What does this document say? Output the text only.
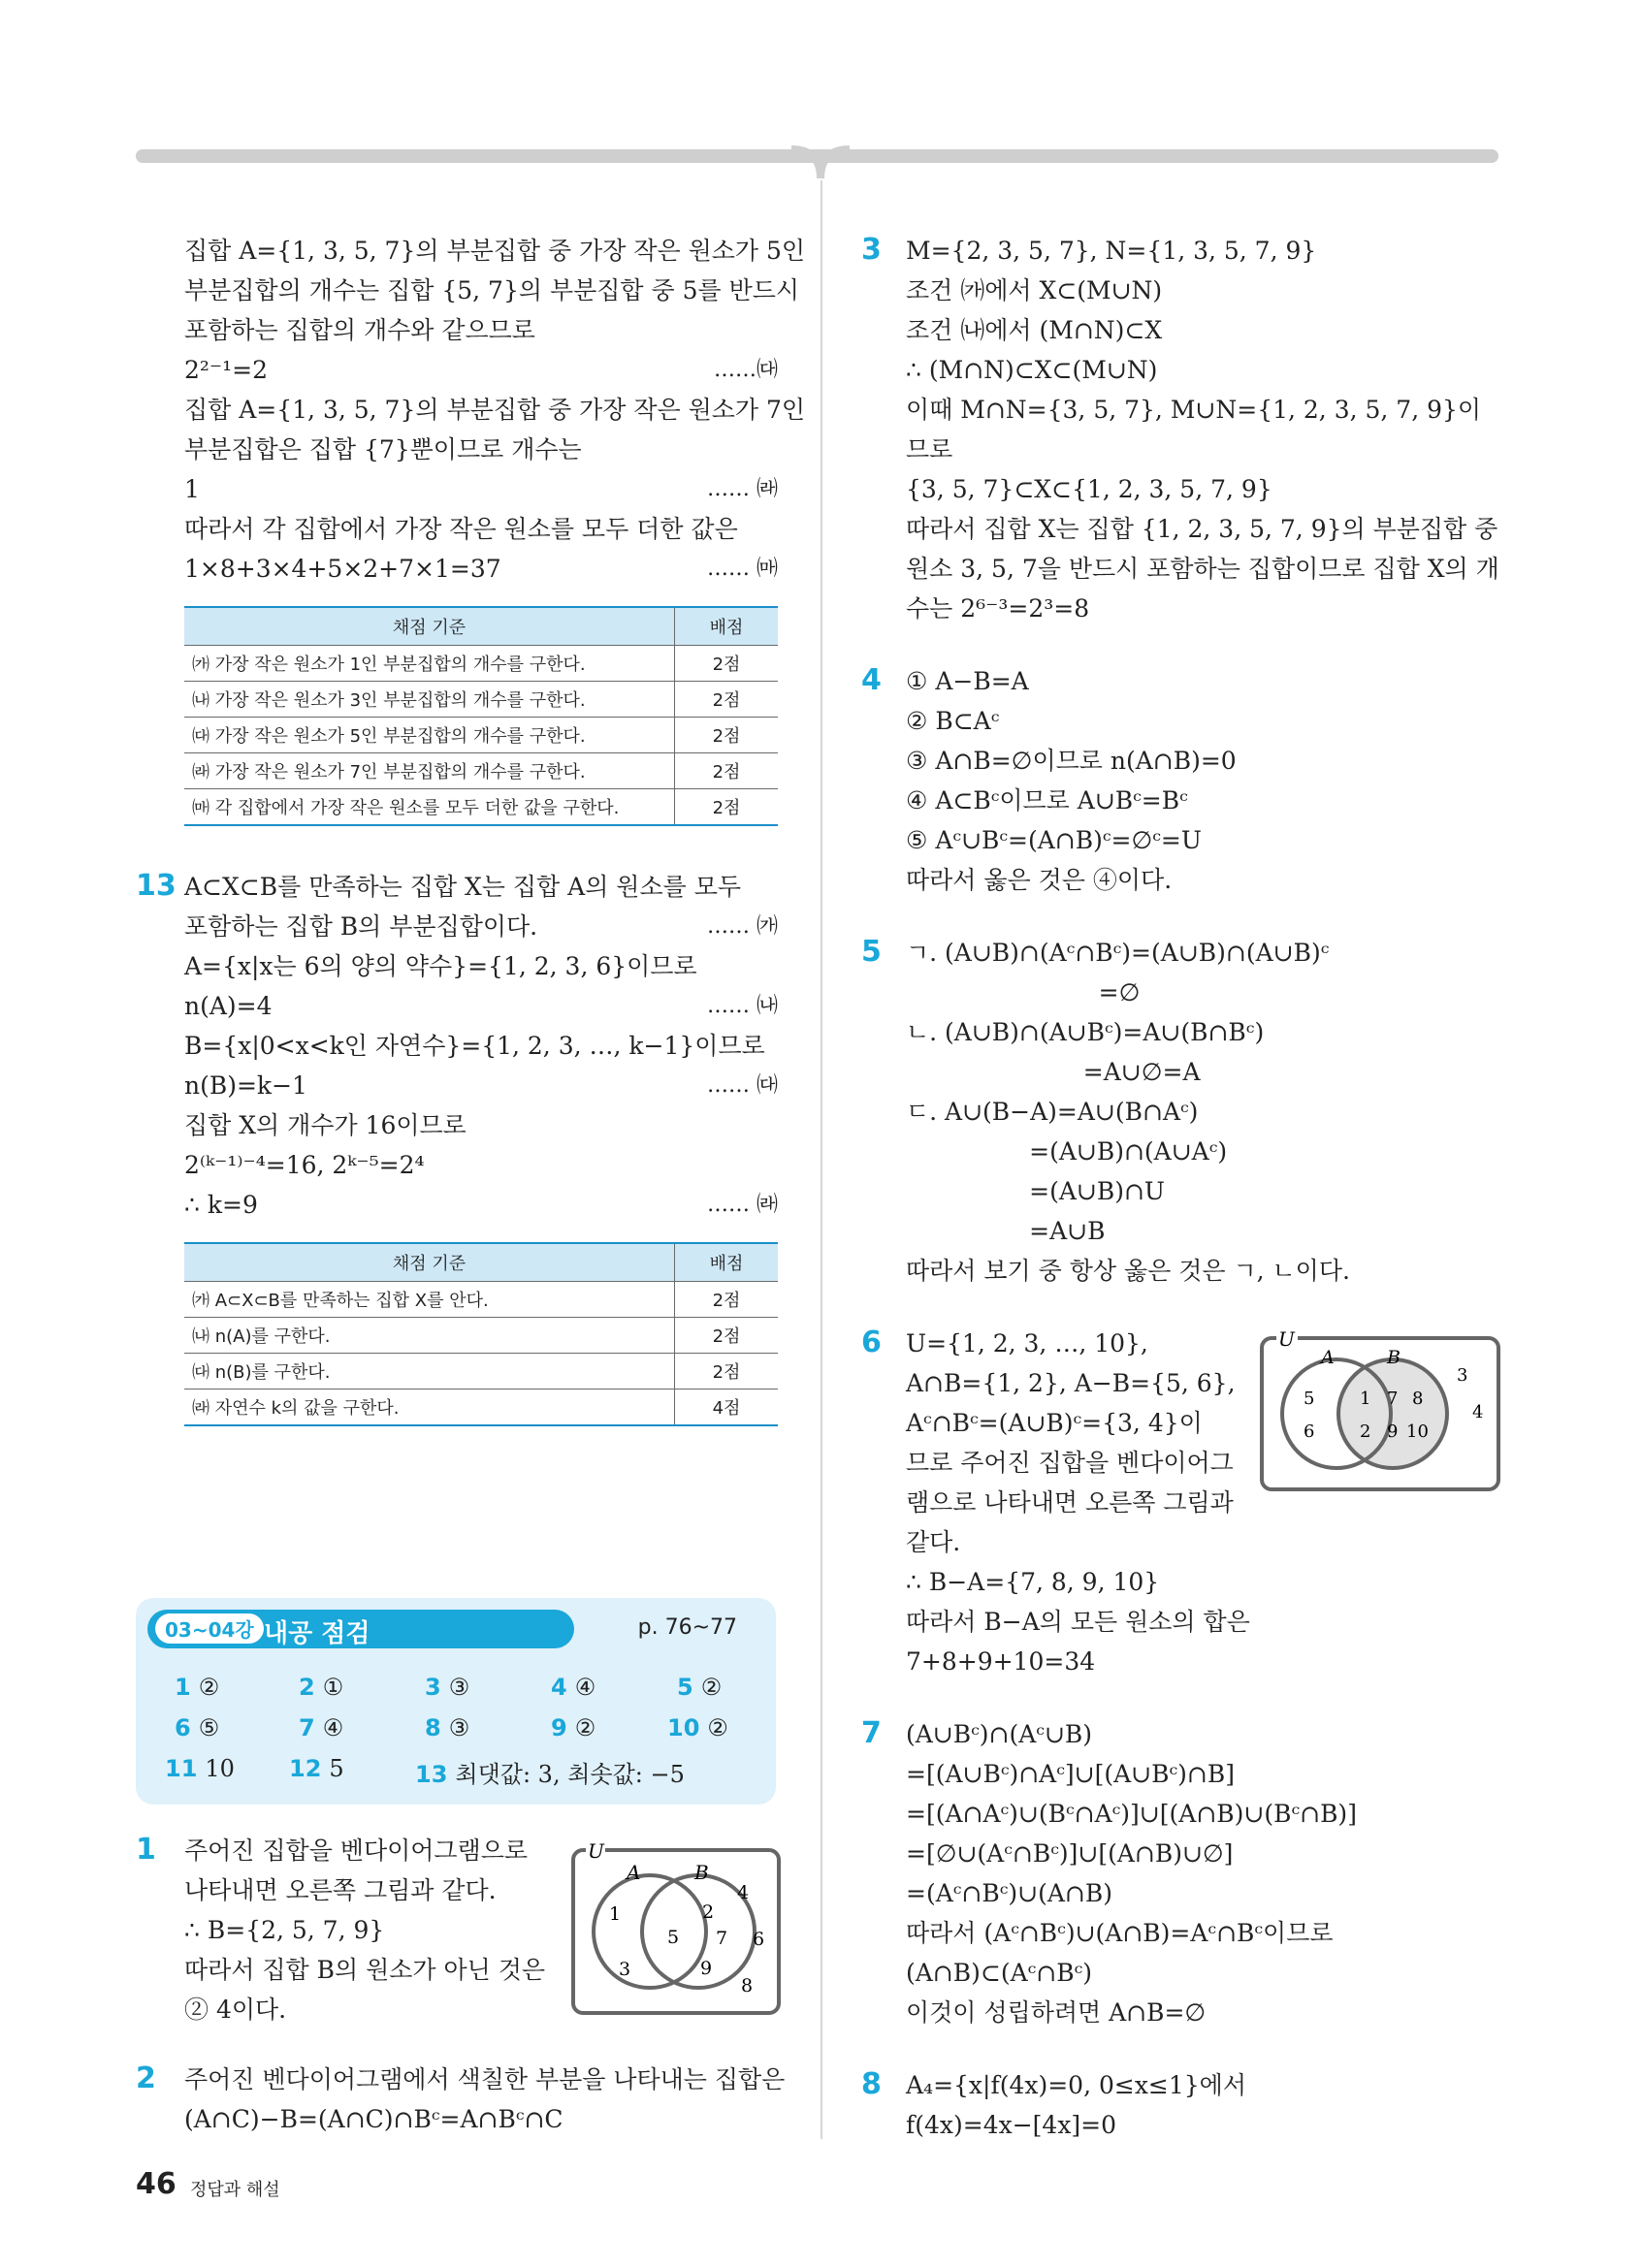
집합 A={1, 3, 5, 7}의 부분집합 중 가장 작은 원소가 5인
부분집합의 개수는 집합 {5, 7}의 부분집합 중 5를 반드시
포함하는 집합의 개수와 같으므로
2²⁻¹=2	……㈐
집합 A={1, 3, 5, 7}의 부분집합 중 가장 작은 원소가 7인
부분집합은 집합 {7}뿐이므로 개수는
1	…… ㈑
따라서 각 집합에서 가장 작은 원소를 모두 더한 값은
1×8+3×4+5×2+7×1=37	…… ㈒
채점 기준	배점
㈎ 가장 작은 원소가 1인 부분집합의 개수를 구한다.	2점
㈏ 가장 작은 원소가 3인 부분집합의 개수를 구한다.	2점
㈐ 가장 작은 원소가 5인 부분집합의 개수를 구한다.	2점
㈑ 가장 작은 원소가 7인 부분집합의 개수를 구한다.	2점
㈒ 각 집합에서 가장 작은 원소를 모두 더한 값을 구한다.	2점
13 A⊂X⊂B를 만족하는 집합 X는 집합 A의 원소를 모두
포함하는 집합 B의 부분집합이다.	…… ㈎
A={x|x는 6의 양의 약수}={1, 2, 3, 6}이므로
n(A)=4	…… ㈏
B={x|0<x<k인 자연수}={1, 2, 3, …, k−1}이므로
n(B)=k−1	…… ㈐
집합 X의 개수가 16이므로
2⁽ᵏ⁻¹⁾⁻⁴=16, 2ᵏ⁻⁵=2⁴
∴ k=9	…… ㈑
채점 기준	배점
㈎ A⊂X⊂B를 만족하는 집합 X를 안다.	2점
㈏ n(A)를 구한다.	2점
㈐ n(B)를 구한다.	2점
㈑ 자연수 k의 값을 구한다.	4점
03~04강 내공 점검	p. 76~77
1 ②	2 ①	3 ③	4 ④	5 ②
6 ⑤	7 ④	8 ③	9 ②	10 ②
11 10 12 5	13 최댓값: 3, 최솟값: −5
1 주어진 집합을 벤다이어그램으로
나타내면 오른쪽 그림과 같다.
∴ B={2, 5, 7, 9}
따라서 집합 B의 원소가 아닌 것은
② 4이다.
U
A	B
1
3
5
2
7
9
4
6
8
2 주어진 벤다이어그램에서 색칠한 부분을 나타내는 집합은
(A∩C)−B=(A∩C)∩Bᶜ=A∩Bᶜ∩C
3 M={2, 3, 5, 7}, N={1, 3, 5, 7, 9}
조건 ㈎에서 X⊂(M∪N)
조건 ㈏에서 (M∩N)⊂X
∴ (M∩N)⊂X⊂(M∪N)
이때 M∩N={3, 5, 7}, M∪N={1, 2, 3, 5, 7, 9}이
므로
{3, 5, 7}⊂X⊂{1, 2, 3, 5, 7, 9}
따라서 집합 X는 집합 {1, 2, 3, 5, 7, 9}의 부분집합 중
원소 3, 5, 7을 반드시 포함하는 집합이므로 집합 X의 개
수는 2⁶⁻³=2³=8
4 ① A−B=A
② B⊂Aᶜ
③ A∩B=∅이므로 n(A∩B)=0
④ A⊂Bᶜ이므로 A∪Bᶜ=Bᶜ
⑤ Aᶜ∪Bᶜ=(A∩B)ᶜ=∅ᶜ=U
따라서 옳은 것은 ④이다.
5 ㄱ. (A∪B)∩(Aᶜ∩Bᶜ)=(A∪B)∩(A∪B)ᶜ
=∅
ㄴ. (A∪B)∩(A∪Bᶜ)=A∪(B∩Bᶜ)
=A∪∅=A
ㄷ. A∪(B−A)=A∪(B∩Aᶜ)
=(A∪B)∩(A∪Aᶜ)
=(A∪B)∩U
=A∪B
따라서 보기 중 항상 옳은 것은 ㄱ, ㄴ이다.
6 U={1, 2, 3, …, 10},
A∩B={1, 2}, A−B={5, 6},
Aᶜ∩Bᶜ=(A∪B)ᶜ={3, 4}이
므로 주어진 집합을 벤다이어그
램으로 나타내면 오른쪽 그림과
같다.
∴ B−A={7, 8, 9, 10}
따라서 B−A의 모든 원소의 합은
7+8+9+10=34
7 (A∪Bᶜ)∩(Aᶜ∪B)
=[(A∪Bᶜ)∩Aᶜ]∪[(A∪Bᶜ)∩B]
=[(A∩Aᶜ)∪(Bᶜ∩Aᶜ)]∪[(A∩B)∪(Bᶜ∩B)]
=[∅∪(Aᶜ∩Bᶜ)]∪[(A∩B)∪∅]
=(Aᶜ∩Bᶜ)∪(A∩B)
따라서 (Aᶜ∩Bᶜ)∪(A∩B)=Aᶜ∩Bᶜ이므로
(A∩B)⊂(Aᶜ∩Bᶜ)
이것이 성립하려면 A∩B=∅
8 A₄={x|f(4x)=0, 0≤x≤1}에서
f(4x)=4x−[4x]=0
U
A	B
5
6
1
2
7 8
9 10
3
4
46 정답과 해설
